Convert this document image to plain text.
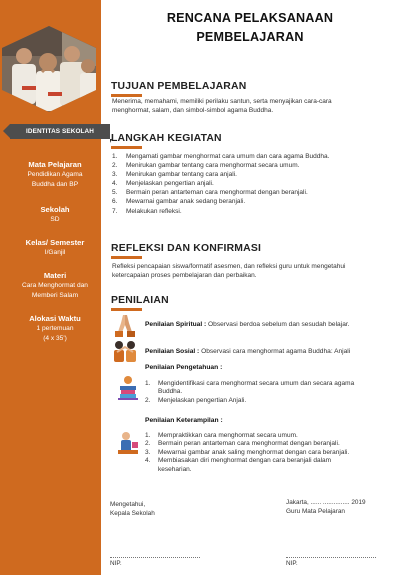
IDENTITAS SEKOLAH
Mata Pelajaran
Pendidikan Agama
Buddha dan BP
Sekolah
SD
Kelas/ Semester
I/Ganjil
Materi
Cara Menghormat dan
Memberi Salam
Alokasi Waktu
1 pertemuan
(4 x 35')
RENCANA PELAKSANAAN
PEMBELAJARAN
TUJUAN PEMBELAJARAN
Menerima, memahami, memiliki perilaku santun, serta menyajikan cara-cara
menghormat, salam, dan simbol-simbol agama Buddha.
LANGKAH KEGIATAN
1.	Mengamati gambar menghormat cara umum dan cara agama Buddha.
2.	Menirukan gambar tentang cara menghormat secara umum.
3.	Menirukan gambar tentang cara anjali.
4.	Menjelaskan pengertian anjali.
5.	Bermain peran antarteman cara menghormat dengan beranjali.
6.	Mewarnai gambar anak sedang beranjali.
7.	Melakukan refleksi.
REFLEKSI DAN KONFIRMASI
Refleksi pencapaian siswa/formatif asesmen, dan refleksi guru untuk mengetahui
ketercapaian proses pembelajaran dan perbaikan.
PENILAIAN
Penilaian Spiritual : Observasi berdoa sebelum dan sesudah belajar.
Penilaian Sosial : Observasi cara menghormat agama Buddha: Anjali
Penilaian Pengetahuan :
1.	Mengidentifikasi cara menghormat secara umum dan secara agama
Buddha.
2.	Menjelaskan pengertian Anjali.
Penilaian Keterampilan :
1.	Mempraktikkan cara menghormat secara umum.
2.	Bermain peran antarteman cara menghormat dengan beranjali.
3.	Mewarnai gambar anak saling menghormat dengan cara beranjali.
4.	Membiasakan diri menghormat dengan cara beranjali dalam
keseharian.
Mengetahui,
Kepala Sekolah
Jakarta, ...... ............... 2019
Guru Mata Pelajaran
NIP.	NIP.
